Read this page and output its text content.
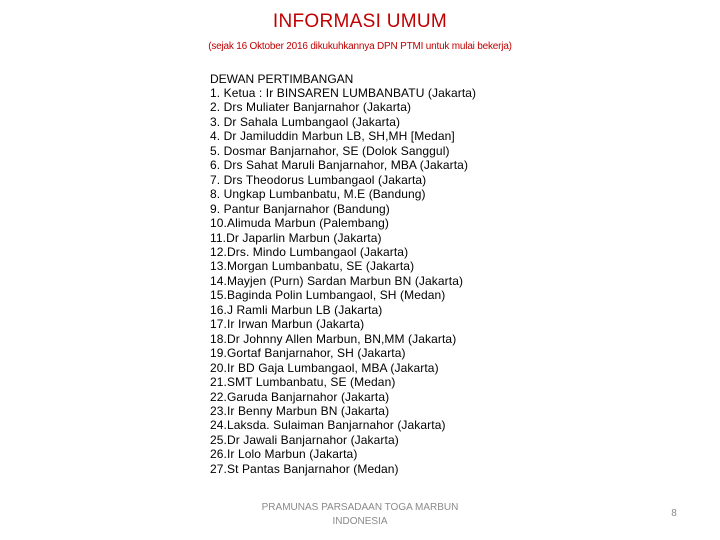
INFORMASI UMUM
(sejak 16 Oktober 2016 dikukuhkannya DPN PTMI untuk mulai bekerja)
DEWAN PERTIMBANGAN
1. Ketua : Ir BINSAREN LUMBANBATU (Jakarta)
2. Drs Muliater Banjarnahor (Jakarta)
3. Dr Sahala Lumbangaol (Jakarta)
4. Dr Jamiluddin Marbun LB, SH,MH [Medan]
5. Dosmar Banjarnahor, SE (Dolok Sanggul)
6. Drs Sahat Maruli Banjarnahor, MBA (Jakarta)
7. Drs Theodorus Lumbangaol (Jakarta)
8. Ungkap Lumbanbatu, M.E (Bandung)
9. Pantur Banjarnahor (Bandung)
10.Alimuda Marbun (Palembang)
11.Dr Japarlin Marbun (Jakarta)
12.Drs. Mindo Lumbangaol (Jakarta)
13.Morgan Lumbanbatu, SE (Jakarta)
14.Mayjen (Purn) Sardan Marbun BN (Jakarta)
15.Baginda Polin Lumbangaol, SH (Medan)
16.J Ramli Marbun LB (Jakarta)
17.Ir Irwan Marbun (Jakarta)
18.Dr Johnny Allen Marbun, BN,MM (Jakarta)
19.Gortaf Banjarnahor, SH (Jakarta)
20.Ir BD Gaja Lumbangaol, MBA (Jakarta)
21.SMT Lumbanbatu, SE (Medan)
22.Garuda Banjarnahor (Jakarta)
23.Ir Benny Marbun BN (Jakarta)
24.Laksda. Sulaiman Banjarnahor (Jakarta)
25.Dr Jawali Banjarnahor (Jakarta)
26.Ir Lolo Marbun (Jakarta)
27.St Pantas Banjarnahor (Medan)
PRAMUNAS PARSADAAN TOGA MARBUN
INDONESIA
8
